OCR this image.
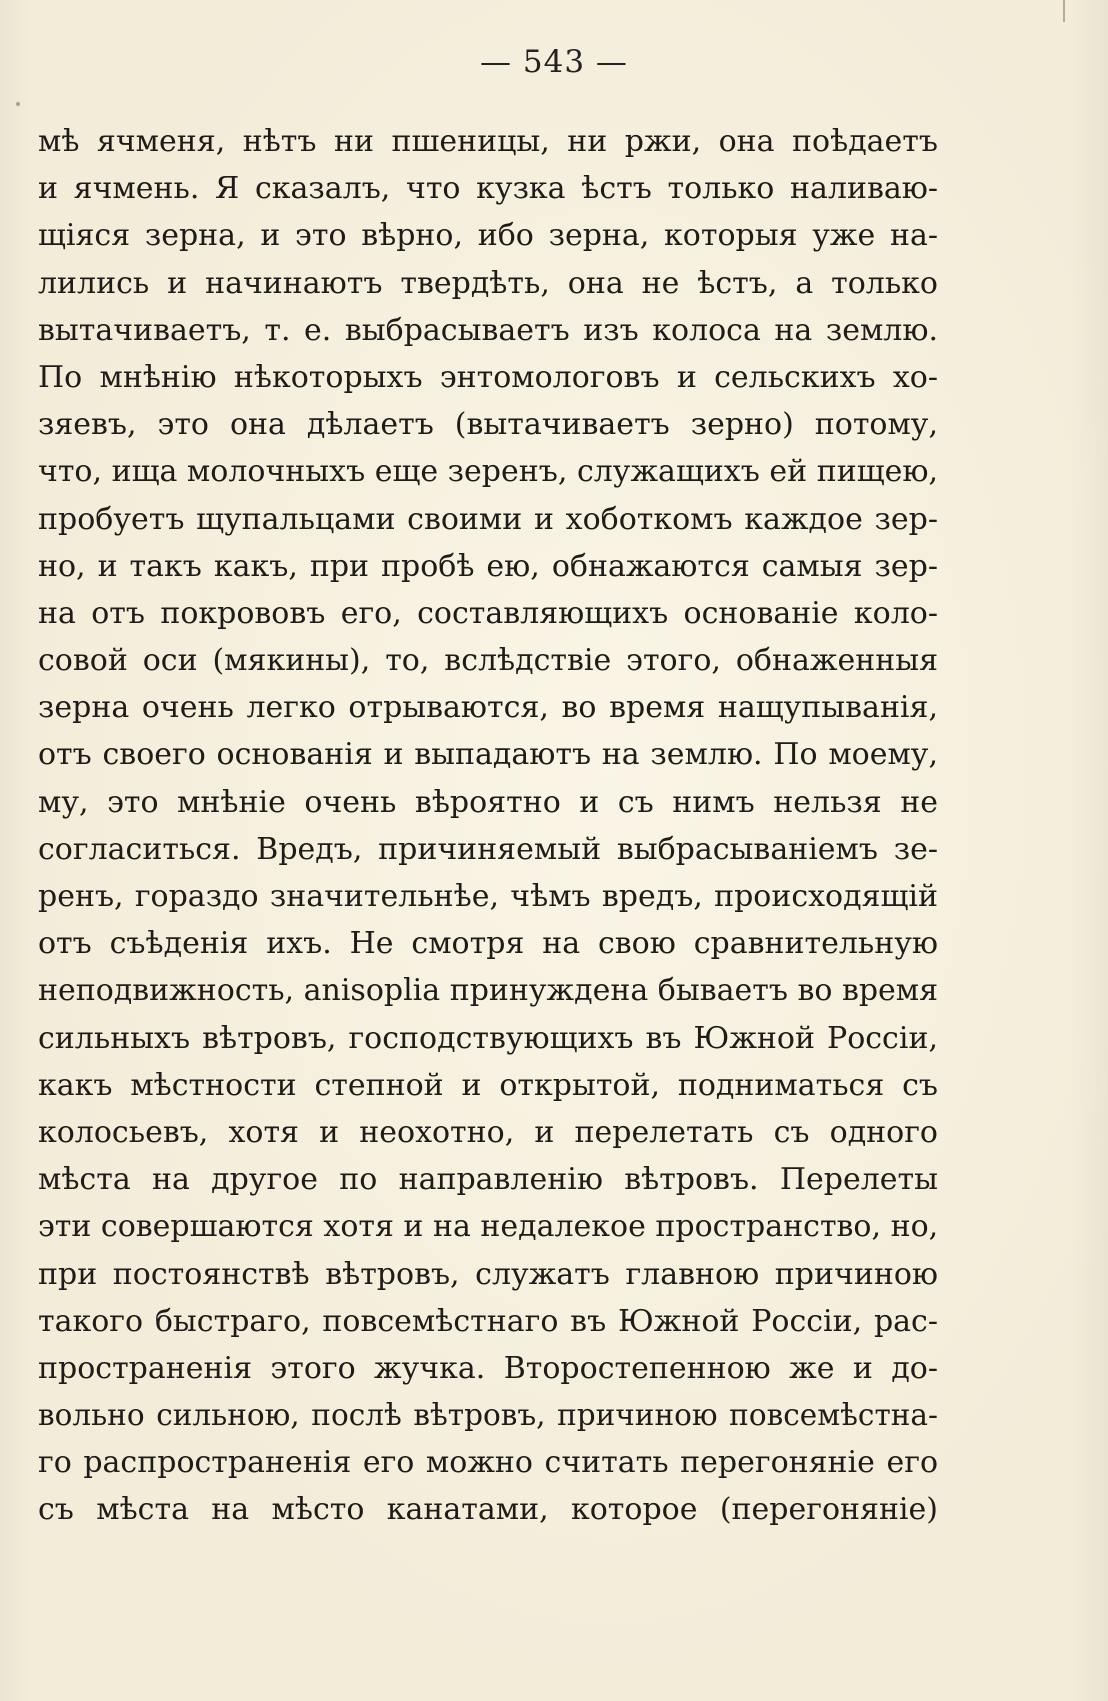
— 543 —
мѣ ячменя, нѣтъ ни пшеницы, ни ржи, она поѣдаетъ
и ячмень. Я сказалъ, что кузка ѣстъ только наливаю-
щіяся зерна, и это вѣрно, ибо зерна, которыя уже на-
лились и начинаютъ твердѣть, она не ѣстъ, а только
вытачиваетъ, т. е. выбрасываетъ изъ колоса на землю.
По мнѣнію нѣкоторыхъ энтомологовъ и сельскихъ хо-
зяевъ, это она дѣлаетъ (вытачиваетъ зерно) потому,
что, ища молочныхъ еще зеренъ, служащихъ ей пищею,
пробуетъ щупальцами своими и хоботкомъ каждое зер-
но, и такъ какъ, при пробѣ ею, обнажаются самыя зер-
на отъ покрововъ его, составляющихъ основаніе коло-
совой оси (мякины), то, вслѣдствіе этого, обнаженныя
зерна очень легко отрываются, во время нащупыванія,
отъ своего основанія и выпадаютъ на землю. По моему,
му, это мнѣніе очень вѣроятно и съ нимъ нельзя не
согласиться. Вредъ, причиняемый выбрасываніемъ зе-
ренъ, гораздо значительнѣе, чѣмъ вредъ, происходящій
отъ съѣденія ихъ. Не смотря на свою сравнительную
неподвижность, anisoplia принуждена бываетъ во время
сильныхъ вѣтровъ, господствующихъ въ Южной Россіи,
какъ мѣстности степной и открытой, подниматься съ
колосьевъ, хотя и неохотно, и перелетать съ одного
мѣста на другое по направленію вѣтровъ. Перелеты
эти совершаются хотя и на недалекое пространство, но,
при постоянствѣ вѣтровъ, служатъ главною причиною
такого быстраго, повсемѣстнаго въ Южной Россіи, рас-
пространенія этого жучка. Второстепенною же и до-
вольно сильною, послѣ вѣтровъ, причиною повсемѣстна-
го распространенія его можно считать перегоняніе его
съ мѣста на мѣсто канатами, которое (перегоняніе)
